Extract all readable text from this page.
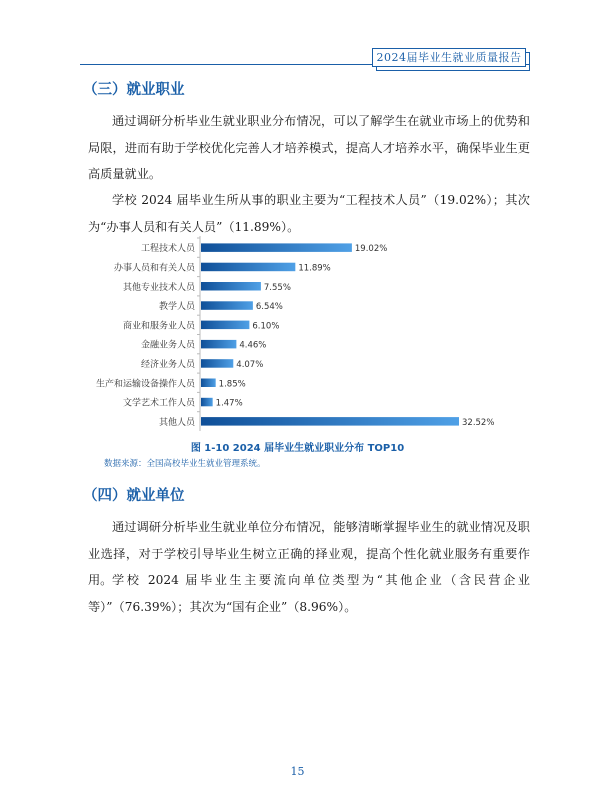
2024届毕业生就业质量报告
（三）就业职业

通过调研分析毕业生就业职业分布情况，可以了解学生在就业市场上的优势和局限，进而有助于学校优化完善人才培养模式，提高人才培养水平，确保毕业生更高质量就业。

学校 2024 届毕业生所从事的职业主要为“工程技术人员”（19.02%）；其次为“办事人员和有关人员”（11.89%）。

工程技术人员	19.02%
办事人员和有关人员	11.89%
其他专业技术人员	7.55%
教学人员	6.54%
商业和服务业人员	6.10%
金融业务人员	4.46%
经济业务人员	4.07%
生产和运输设备操作人员	1.85%
文学艺术工作人员 1.47%
其他人员	32.52%
图 1-10 2024 届毕业生就业职业分布 TOP10
数据来源：全国高校毕业生就业管理系统。
（四）就业单位

通过调研分析毕业生就业单位分布情况，能够清晰掌握毕业生的就业情况及职业选择，对于学校引导毕业生树立正确的择业观，提高个性化就业服务有重要作用。 学校 2024 届毕业生主要流向单位类型为“其他企业（含民营企业等）”（76.39%）；其次为“国有企业”（8.96%）。

15
